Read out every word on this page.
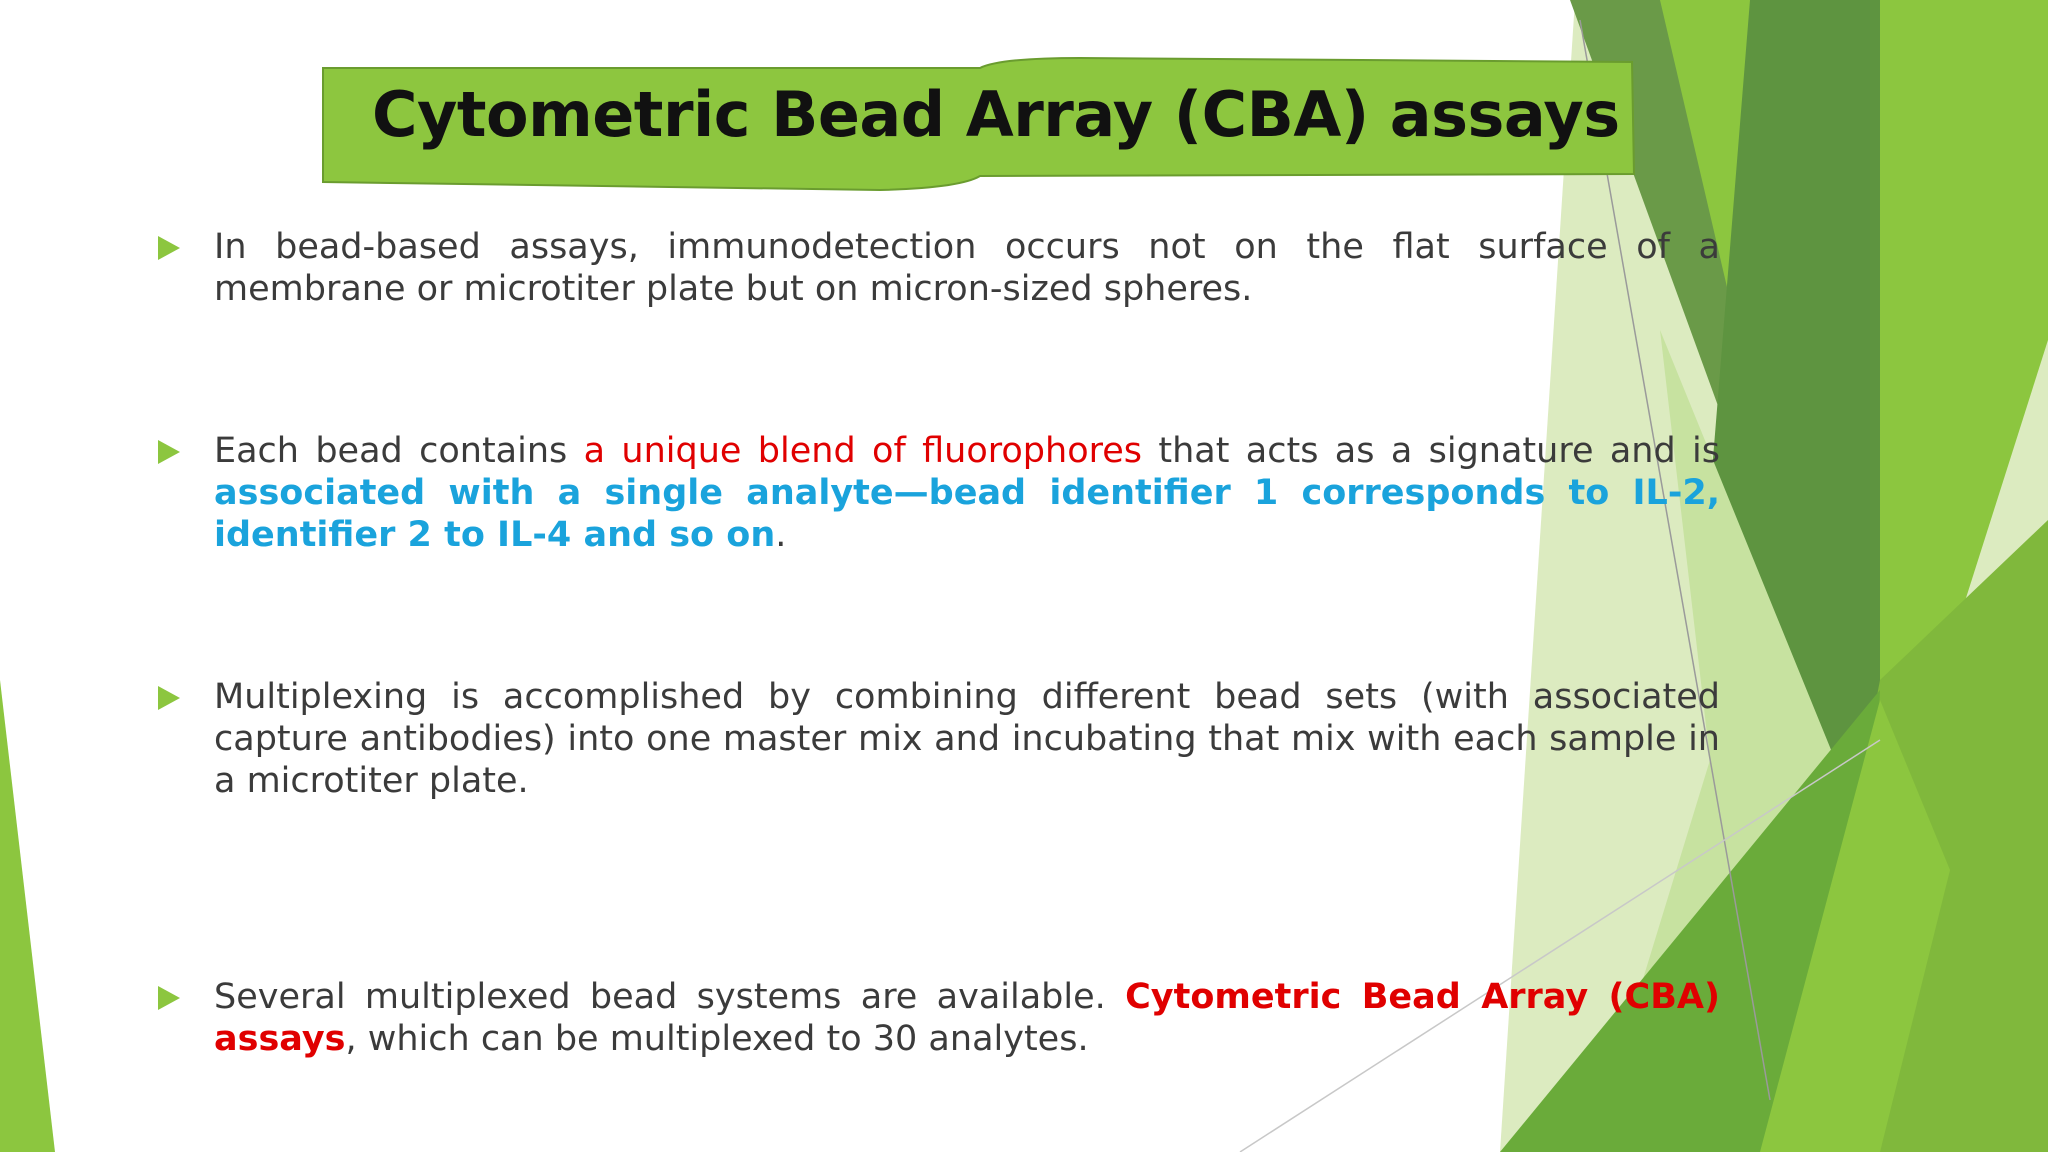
Cytometric Bead Array (CBA) assays
In bead-based assays, immunodetection occurs not on the flat surface of a membrane or microtiter plate but on micron-sized spheres.
Each bead contains a unique blend of fluorophores that acts as a signature and is associated with a single analyte—bead identifier 1 corresponds to IL-2, identifier 2 to IL-4 and so on.
Multiplexing is accomplished by combining different bead sets (with associated capture antibodies) into one master mix and incubating that mix with each sample in a microtiter plate.
Several multiplexed bead systems are available. Cytometric Bead Array (CBA) assays, which can be multiplexed to 30 analytes.
